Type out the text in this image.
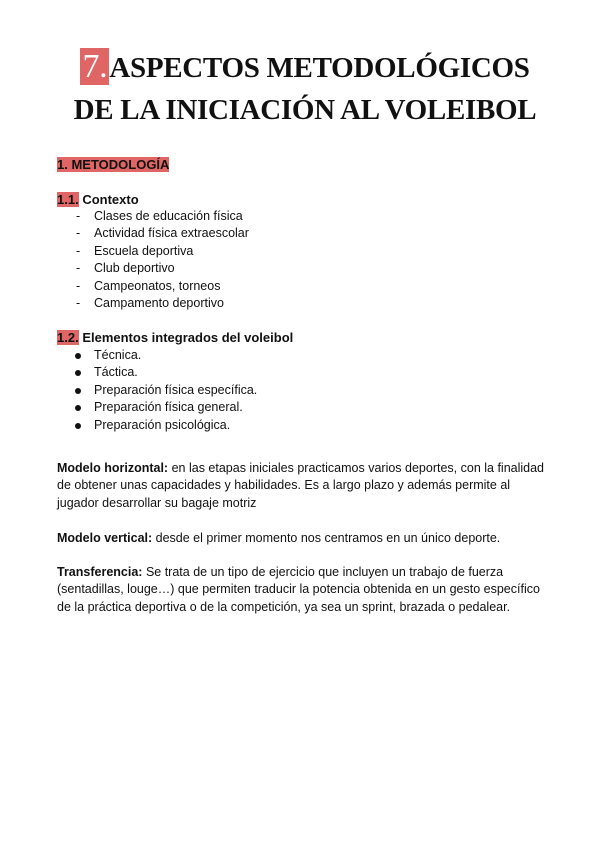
7.ASPECTOS METODOLÓGICOS
DE LA INICIACIÓN AL VOLEIBOL
1. METODOLOGÍA
1.1. Contexto
- Clases de educación física
- Actividad física extraescolar
- Escuela deportiva
- Club deportivo
- Campeonatos, torneos
- Campamento deportivo
1.2. Elementos integrados del voleibol
Técnica.
Táctica.
Preparación física específica.
Preparación física general.
Preparación psicológica.
Modelo horizontal: en las etapas iniciales practicamos varios deportes, con la finalidad de obtener unas capacidades y habilidades. Es a largo plazo y además permite al jugador desarrollar su bagaje motriz
Modelo vertical: desde el primer momento nos centramos en un único deporte.
Transferencia: Se trata de un tipo de ejercicio que incluyen un trabajo de fuerza (sentadillas, louge…) que permiten traducir la potencia obtenida en un gesto específico de la práctica deportiva o de la competición, ya sea un sprint, brazada o pedalear.
